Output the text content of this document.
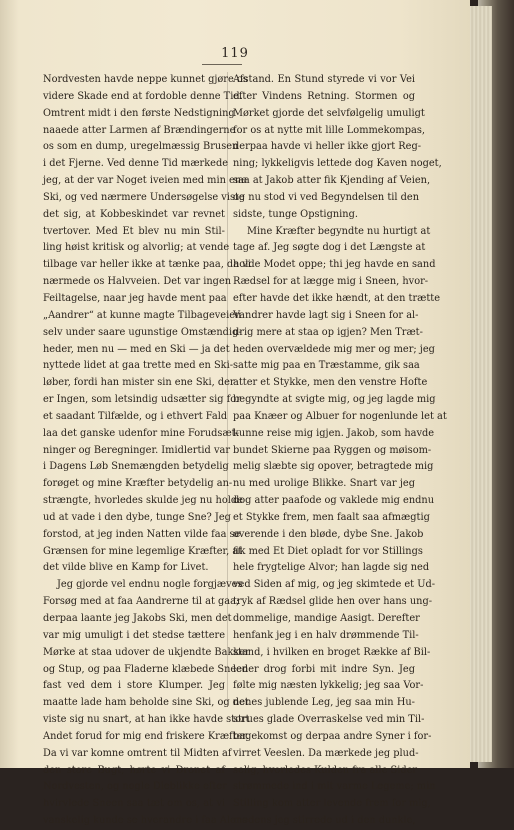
119
Nordvesten havde neppe kunnet gjøre os
videre Skade end at fordoble denne Tid.
Omtrent midt i den første Nedstigning
naaede atter Larmen af Brændingerne
os som en dump, uregelmæssig Brusen
i det Fjerne. Ved denne Tid mærkede
jeg, at der var Noget iveien med min ene
Ski, og ved nærmere Undersøgelse viste
det sig, at Kobbeskindet var revnet
tvertover. Med Et blev nu min Stil-
ling høist kritisk og alvorlig; at vende
tilbage var heller ikke at tænke paa, da vi
nærmede os Halvveien. Det var ingen
Feiltagelse, naar jeg havde ment paa
„Aandrer“ at kunne magte Tilbageveien
selv under saare ugunstige Omstændig-
heder, men nu — med en Ski — ja det
nyttede lidet at gaa trette med en Ski-
løber, fordi han mister sin ene Ski, der
er Ingen, som letsindig udsætter sig for
et saadant Tilfælde, og i ethvert Fald
laa det ganske udenfor mine Forudsæt-
ninger og Beregninger. Imidlertid var
i Dagens Løb Snemængden betydelig
forøget og mine Kræfter betydelig an-
strængte, hvorledes skulde jeg nu holde
ud at vade i den dybe, tunge Sne? Jeg
forstod, at jeg inden Natten vilde faa se
Grænsen for mine legemlige Kræfter, at
det vilde blive en Kamp for Livet.
Jeg gjorde vel endnu nogle forgjæves
Forsøg med at faa Aandrerne til at gaa;
derpaa laante jeg Jakobs Ski, men det
var mig umuligt i det stedse tættere
Mørke at staa udover de ukjendte Bakker
og Stup, og paa Fladerne klæbede Sneen
fast ved dem i store Klumper. Jeg
maatte lade ham beholde sine Ski, og det
viste sig nu snart, at han ikke havde stort
Andet forud for mig end friskere Kræfter.
Da vi var komne omtrent til Midten af
den store Bugt, hørte vi Dronet af
Nordvesten, og nogle Dieblikke efter
hvirvlede Sneen saa tæt om os, at vi
vanskelig kunde se hverandre i faa Alens
Afstand. En Stund styrede vi vor Vei
efter Vindens Retning. Stormen og
Mørket gjorde det selvfølgelig umuligt
for os at nytte mit lille Lommekompas,
derpaa havde vi heller ikke gjort Reg-
ning; lykkeligvis lettede dog Kaven noget,
saa at Jakob atter fik Kjending af Veien,
og nu stod vi ved Begyndelsen til den
sidste, tunge Opstigning.
Mine Kræfter begyndte nu hurtigt at
tage af. Jeg søgte dog i det Længste at
holde Modet oppe; thi jeg havde en sand
Rædsel for at lægge mig i Sneen, hvor-
efter havde det ikke hændt, at den trætte
Vandrer havde lagt sig i Sneen for al-
drig mere at staa op igjen? Men Træt-
heden overvældede mig mer og mer; jeg
satte mig paa en Træstamme, gik saa
atter et Stykke, men den venstre Hofte
begyndte at svigte mig, og jeg lagde mig
paa Knæer og Albuer for nogenlunde let at
kunne reise mig igjen. Jakob, som havde
bundet Skierne paa Ryggen og møisom-
melig slæbte sig opover, betragtede mig
nu med urolige Blikke. Snart var jeg
dog atter paafode og vaklede mig endnu
et Stykke frem, men faalt saa afmægtig
overende i den bløde, dybe Sne. Jakob
fik med Et Diet opladt for vor Stillings
hele frygtelige Alvor; han lagde sig ned
ved Siden af mig, og jeg skimtede et Ud-
tryk af Rædsel glide hen over hans ung-
dommelige, mandige Aasigt. Derefter
henfank jeg i en halv drømmende Til-
stand, i hvilken en broget Række af Bil-
leder drog forbi mit indre Syn. Jeg
følte mig næsten lykkelig; jeg saa Vor-
nenes jublende Leg, jeg saa min Hu-
strues glade Overraskelse ved min Til-
bagekomst og derpaa andre Syner i for-
virret Veeslen. Da mærkede jeg plud-
selig, hvorledes Kulden fra alle Sider
strømmede ind i mit varme Legeme; min
Stilling kom atter levende frem for mig,
medens jeg stirrede ud i den dunkle,
